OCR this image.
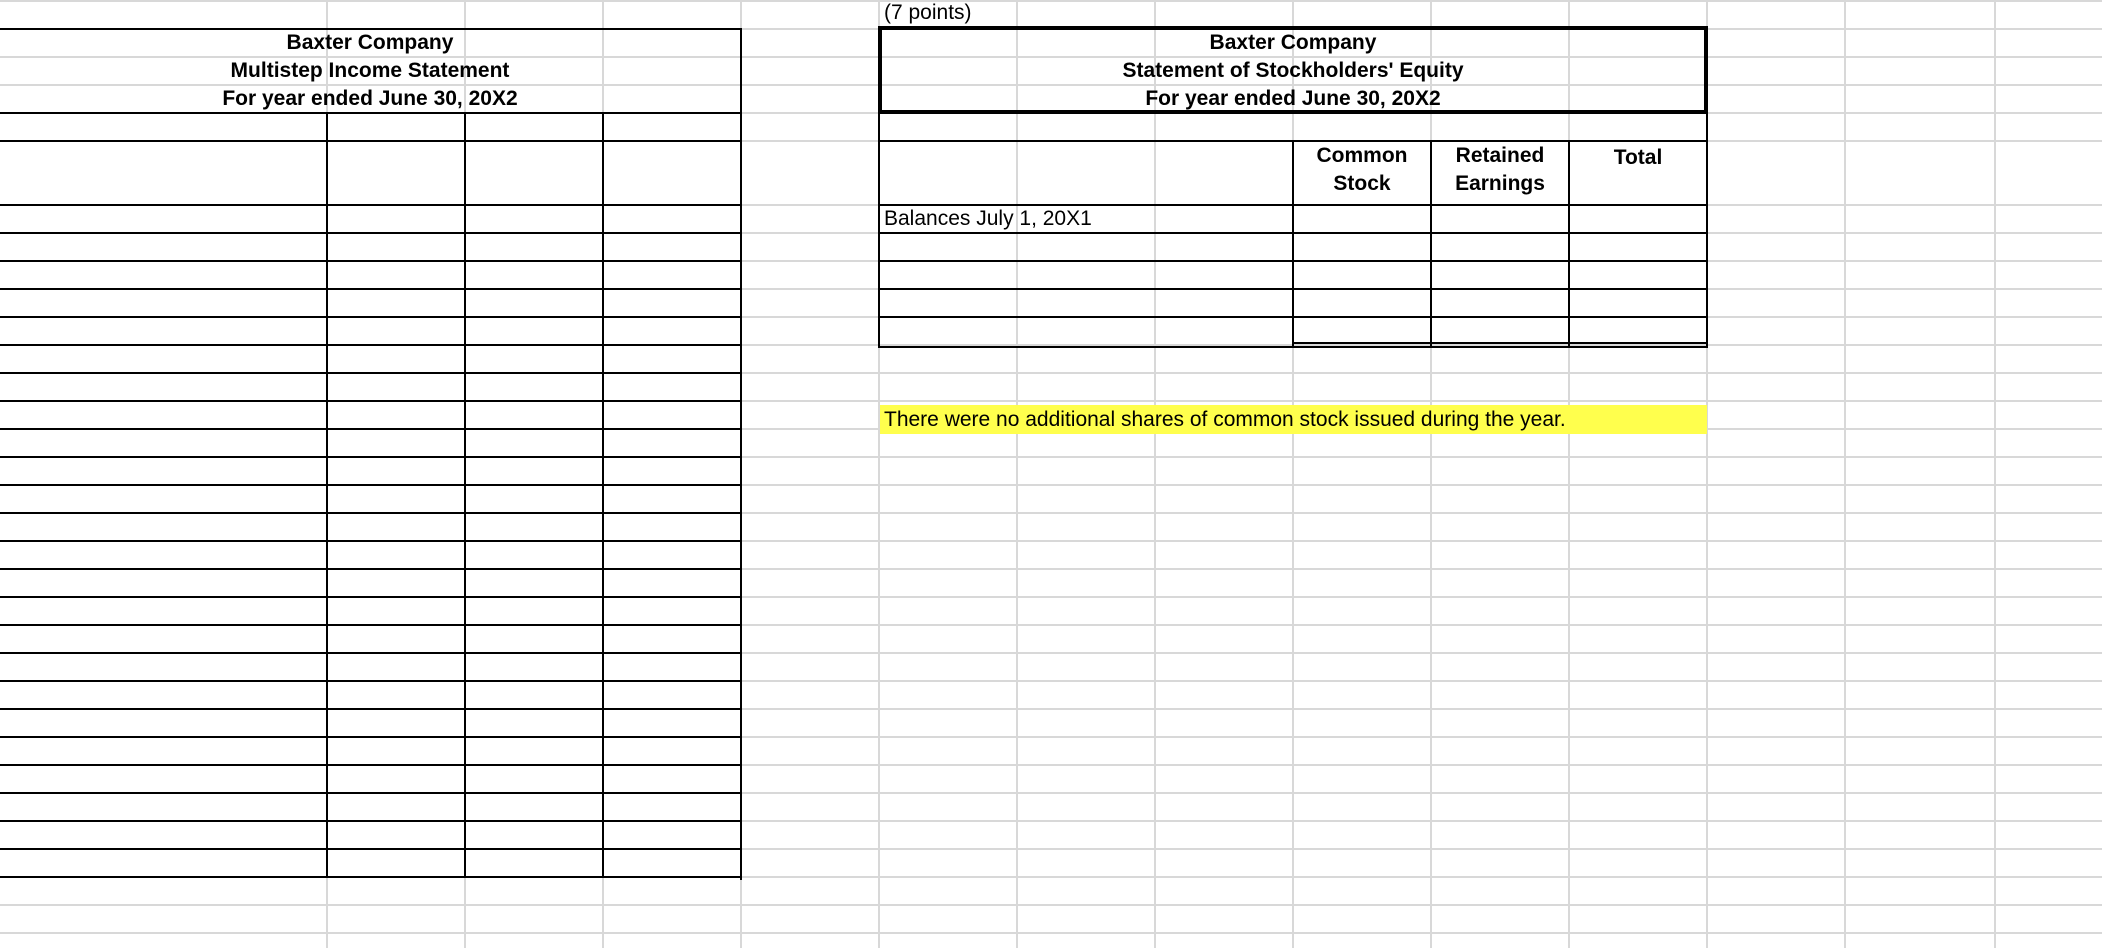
Baxter Company
Multistep Income Statement
For year ended June 30, 20X2
(7 points)
Baxter Company
Statement of Stockholders' Equity
For year ended June 30, 20X2
Common
Stock
Retained
Earnings
Total
Balances July 1, 20X1
There were no additional shares of common stock issued during the year.
